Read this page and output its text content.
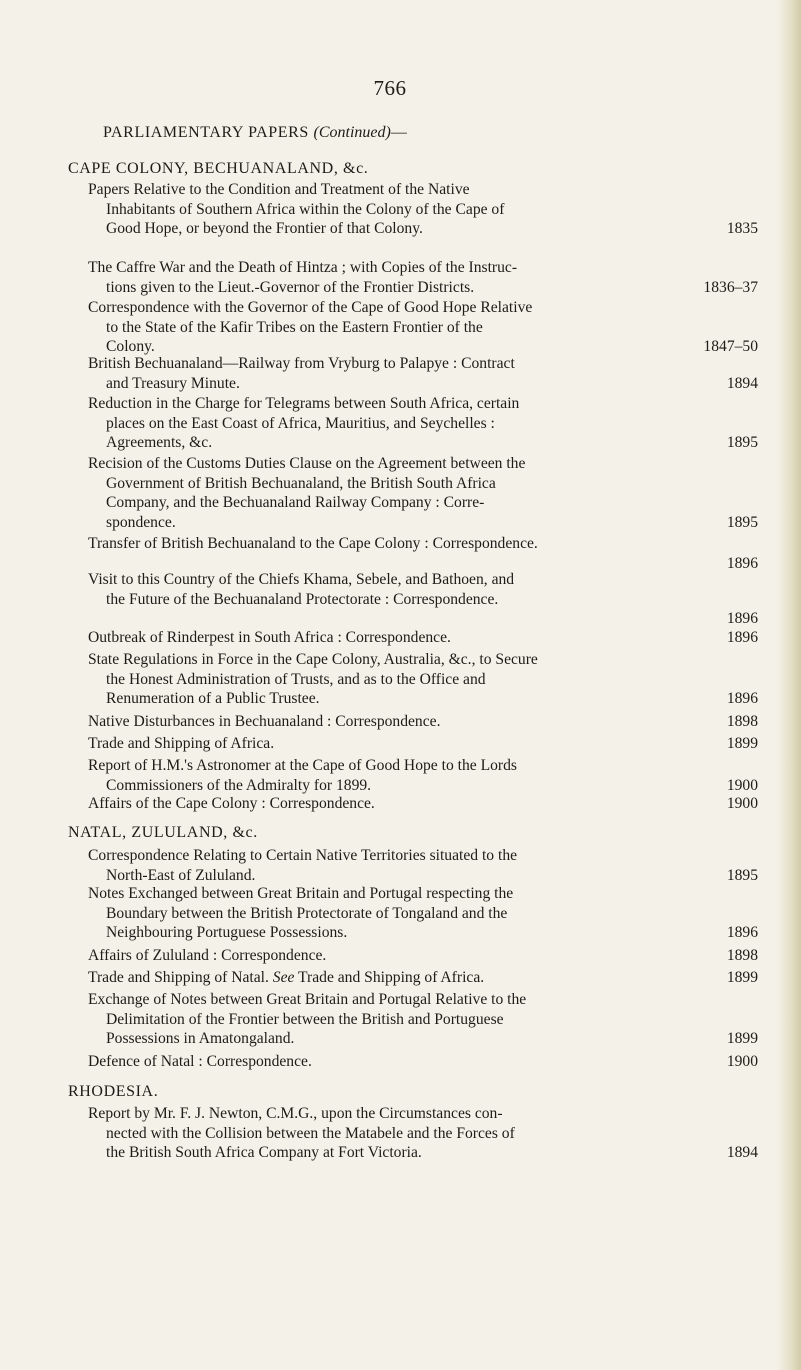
766
PARLIAMENTARY PAPERS (Continued)—
CAPE COLONY, BECHUANALAND, &c.
Papers Relative to the Condition and Treatment of the Native
Inhabitants of Southern Africa within the Colony of the Cape of
Good Hope, or beyond the Frontier of that Colony.	1835
The Caffre War and the Death of Hintza ; with Copies of the Instruc-
tions given to the Lieut.-Governor of the Frontier Districts.	1836–37
Correspondence with the Governor of the Cape of Good Hope Relative
to the State of the Kafir Tribes on the Eastern Frontier of the
Colony.	1847–50
British Bechuanaland—Railway from Vryburg to Palapye : Contract
and Treasury Minute.	1894
Reduction in the Charge for Telegrams between South Africa, certain
places on the East Coast of Africa, Mauritius, and Seychelles :
Agreements, &c.	1895
Recision of the Customs Duties Clause on the Agreement between the
Government of British Bechuanaland, the British South Africa
Company, and the Bechuanaland Railway Company : Corre-
spondence.	1895
Transfer of British Bechuanaland to the Cape Colony : Correspondence.
1896
Visit to this Country of the Chiefs Khama, Sebele, and Bathoen, and
the Future of the Bechuanaland Protectorate : Correspondence.
1896
Outbreak of Rinderpest in South Africa : Correspondence.	1896
State Regulations in Force in the Cape Colony, Australia, &c., to Secure
the Honest Administration of Trusts, and as to the Office and
Renumeration of a Public Trustee.	1896
Native Disturbances in Bechuanaland : Correspondence.	1898
Trade and Shipping of Africa.	1899
Report of H.M.'s Astronomer at the Cape of Good Hope to the Lords
Commissioners of the Admiralty for 1899.	1900
Affairs of the Cape Colony : Correspondence.	1900
NATAL, ZULULAND, &c.
Correspondence Relating to Certain Native Territories situated to the
North-East of Zululand.	1895
Notes Exchanged between Great Britain and Portugal respecting the
Boundary between the British Protectorate of Tongaland and the
Neighbouring Portuguese Possessions.	1896
Affairs of Zululand : Correspondence.	1898
Trade and Shipping of Natal. See Trade and Shipping of Africa.	1899
Exchange of Notes between Great Britain and Portugal Relative to the
Delimitation of the Frontier between the British and Portuguese
Possessions in Amatongaland.	1899
Defence of Natal : Correspondence.	1900
RHODESIA.
Report by Mr. F. J. Newton, C.M.G., upon the Circumstances con-
nected with the Collision between the Matabele and the Forces of
the British South Africa Company at Fort Victoria.	1894
